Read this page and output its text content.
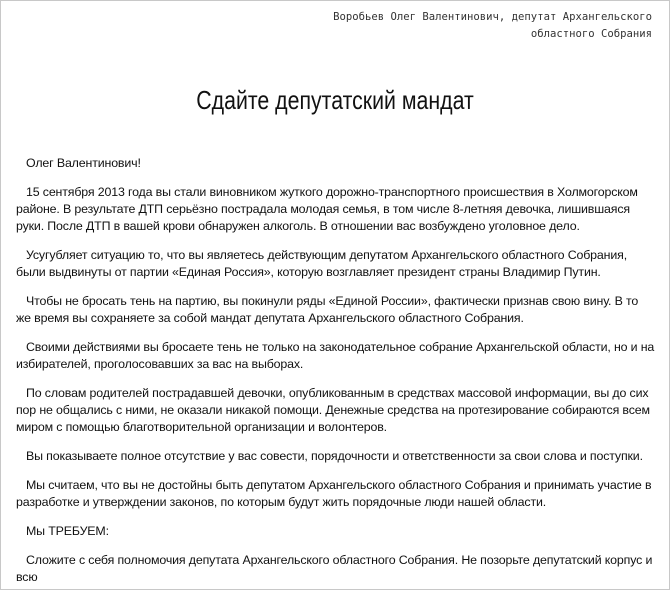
Воробьев Олег Валентинович, депутат Архангельского
областного Собрания
Сдайте депутатский мандат

Олег Валентинович!

15 сентября 2013 года вы стали виновником жуткого дорожно-транспортного происшествия в Холмогорском районе. В результате ДТП серьёзно пострадала молодая семья, в том числе 8-летняя девочка, лишившаяся руки. После ДТП в вашей крови обнаружен алкоголь. В отношении вас возбуждено уголовное дело.

Усугубляет ситуацию то, что вы являетесь действующим депутатом Архангельского областного Собрания, были выдвинуты от партии «Единая Россия», которую возглавляет президент страны Владимир Путин.

Чтобы не бросать тень на партию, вы покинули ряды «Единой России», фактически признав свою вину. В то же время вы сохраняете за собой мандат депутата Архангельского областного Собрания.

Своими действиями вы бросаете тень не только на законодательное собрание Архангельской области, но и на избирателей, проголосовавших за вас на выборах.

По словам родителей пострадавшей девочки, опубликованным в средствах массовой информации, вы до сих пор не общались с ними, не оказали никакой помощи. Денежные средства на протезирование собираются всем миром с помощью благотворительной организации и волонтеров.

Вы показываете полное отсутствие у вас совести, порядочности и ответственности за свои слова и поступки.

Мы считаем, что вы не достойны быть депутатом Архангельского областного Собрания и принимать участие в разработке и утверждении законов, по которым будут жить порядочные люди нашей области.

Мы ТРЕБУЕМ:

Сложите с себя полномочия депутата Архангельского областного Собрания. Не позорьте депутатский корпус и всю
